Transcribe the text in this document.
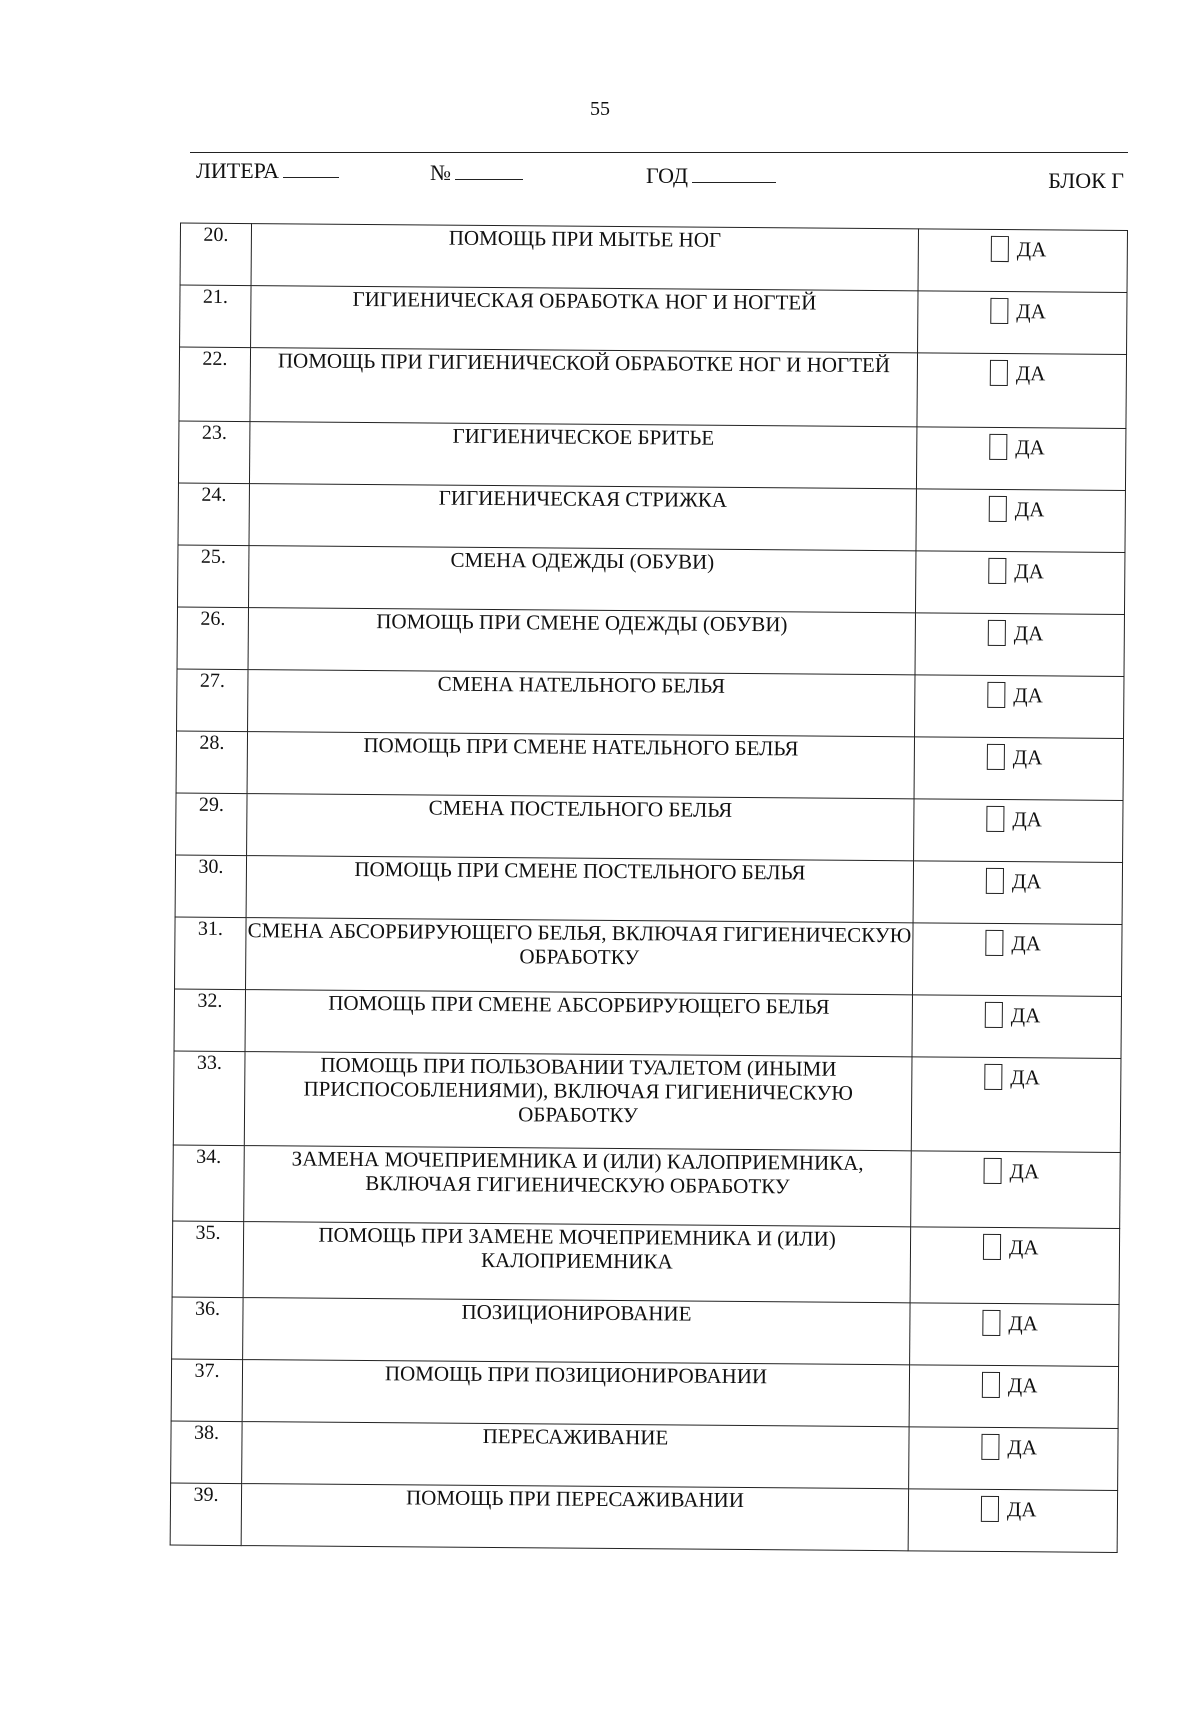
55
ЛИТЕРА	№	ГОД	БЛОК Г
20.	ПОМОЩЬ ПРИ МЫТЬЕ НОГ	ДА

21.	ГИГИЕНИЧЕСКАЯ ОБРАБОТКА НОГ И НОГТЕЙ	ДА

22.	ПОМОЩЬ ПРИ ГИГИЕНИЧЕСКОЙ ОБРАБОТКЕ НОГ И НОГТЕЙ	ДА

23.	ГИГИЕНИЧЕСКОЕ БРИТЬЕ	ДА

24.	ГИГИЕНИЧЕСКАЯ СТРИЖКА	ДА

25.	СМЕНА ОДЕЖДЫ (ОБУВИ)	ДА

26.	ПОМОЩЬ ПРИ СМЕНЕ ОДЕЖДЫ (ОБУВИ)	ДА

27.	СМЕНА НАТЕЛЬНОГО БЕЛЬЯ	ДА

28.	ПОМОЩЬ ПРИ СМЕНЕ НАТЕЛЬНОГО БЕЛЬЯ	ДА

29.	СМЕНА ПОСТЕЛЬНОГО БЕЛЬЯ	ДА

30.	ПОМОЩЬ ПРИ СМЕНЕ ПОСТЕЛЬНОГО БЕЛЬЯ	ДА

31.	СМЕНА АБСОРБИРУЮЩЕГО БЕЛЬЯ, ВКЛЮЧАЯ ГИГИЕНИЧЕСКУЮ ОБРАБОТКУ	ДА

32.	ПОМОЩЬ ПРИ СМЕНЕ АБСОРБИРУЮЩЕГО БЕЛЬЯ	ДА

33.	ПОМОЩЬ ПРИ ПОЛЬЗОВАНИИ ТУАЛЕТОМ (ИНЫМИ ПРИСПОСОБЛЕНИЯМИ), ВКЛЮЧАЯ ГИГИЕНИЧЕСКУЮ ОБРАБОТКУ	ДА

34.	ЗАМЕНА МОЧЕПРИЕМНИКА И (ИЛИ) КАЛОПРИЕМНИКА, ВКЛЮЧАЯ ГИГИЕНИЧЕСКУЮ ОБРАБОТКУ	ДА

35.	ПОМОЩЬ ПРИ ЗАМЕНЕ МОЧЕПРИЕМНИКА И (ИЛИ) КАЛОПРИЕМНИКА	ДА

36.	ПОЗИЦИОНИРОВАНИЕ	ДА

37.	ПОМОЩЬ ПРИ ПОЗИЦИОНИРОВАНИИ	ДА

38.	ПЕРЕСАЖИВАНИЕ	ДА

39.	ПОМОЩЬ ПРИ ПЕРЕСАЖИВАНИИ	ДА
